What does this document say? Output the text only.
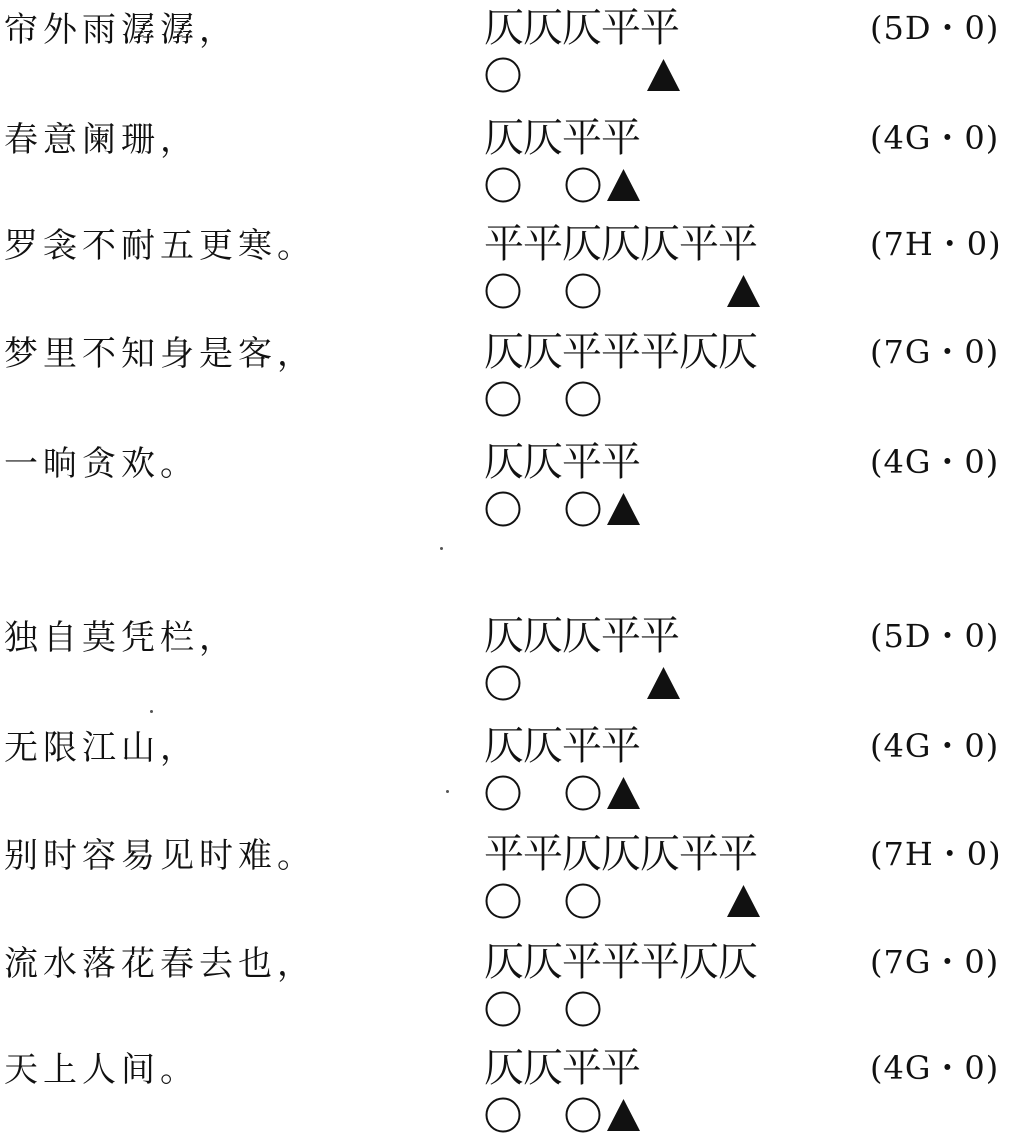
帘外雨潺潺，	仄仄仄平平	(5D・0)
春意阑珊，	仄仄平平	(4G・0)
罗衾不耐五更寒。	平平仄仄仄平平	(7H・0)
梦里不知身是客，	仄仄平平平仄仄	(7G・0)
一晌贪欢。	仄仄平平	(4G・0)
独自莫凭栏，	仄仄仄平平	(5D・0)
无限江山，	仄仄平平	(4G・0)
别时容易见时难。	平平仄仄仄平平	(7H・0)
流水落花春去也，	仄仄平平平仄仄	(7G・0)
天上人间。	仄仄平平	(4G・0)
